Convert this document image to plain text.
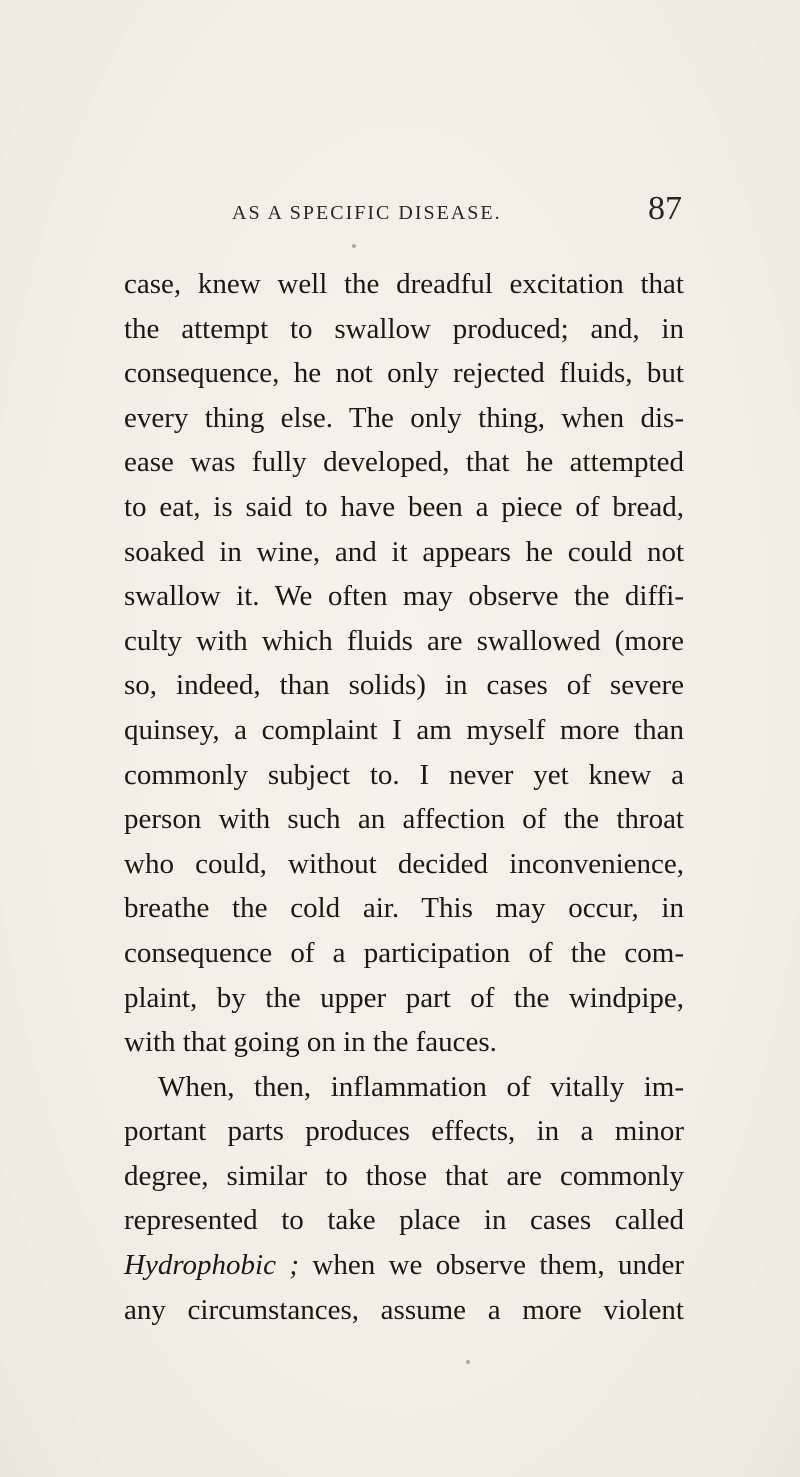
AS A SPECIFIC DISEASE.	87
case, knew well the dreadful excitation that
the attempt to swallow produced; and, in
consequence, he not only rejected fluids, but
every thing else. The only thing, when dis-
ease was fully developed, that he attempted
to eat, is said to have been a piece of bread,
soaked in wine, and it appears he could not
swallow it. We often may observe the diffi-
culty with which fluids are swallowed (more
so, indeed, than solids) in cases of severe
quinsey, a complaint I am myself more than
commonly subject to. I never yet knew a
person with such an affection of the throat
who could, without decided inconvenience,
breathe the cold air. This may occur, in
consequence of a participation of the com-
plaint, by the upper part of the windpipe,
with that going on in the fauces.
When, then, inflammation of vitally im-
portant parts produces effects, in a minor
degree, similar to those that are commonly
represented to take place in cases called
Hydrophobic ; when we observe them, under
any circumstances, assume a more violent
